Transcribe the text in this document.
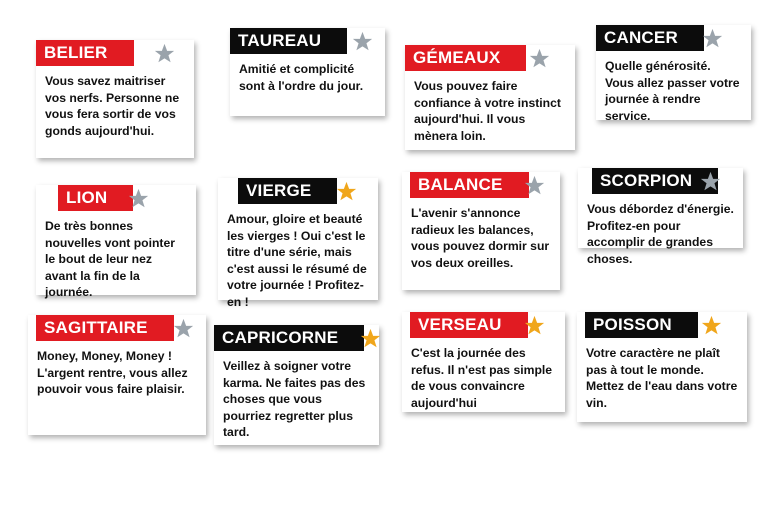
BELIER
Vous savez maitriser vos nerfs. Personne ne vous fera sortir de vos gonds aujourd'hui.
TAUREAU
Amitié et complicité sont à l'ordre du jour.
GÉMEAUX
Vous pouvez faire confiance à votre instinct aujourd'hui. Il vous mènera loin.
CANCER
Quelle générosité. Vous allez passer votre journée à rendre service.
LION
De très bonnes nouvelles vont pointer le bout de leur nez avant la fin de la journée.
VIERGE
Amour, gloire et beauté les vierges ! Oui c'est le titre d'une série, mais c'est aussi le résumé de votre journée ! Profitez-en !
BALANCE
L'avenir s'annonce radieux les balances, vous pouvez dormir sur vos deux oreilles.
SCORPION
Vous débordez d'énergie. Profitez-en pour accomplir de grandes choses.
SAGITTAIRE
Money, Money, Money ! L'argent rentre, vous allez pouvoir vous faire plaisir.
CAPRICORNE
Veillez à soigner votre karma. Ne faites pas des choses que vous pourriez regretter plus tard.
VERSEAU
C'est la journée des refus. Il n'est pas simple de vous convaincre aujourd'hui
POISSON
Votre caractère ne plaît pas à tout le monde. Mettez de l'eau dans votre vin.
